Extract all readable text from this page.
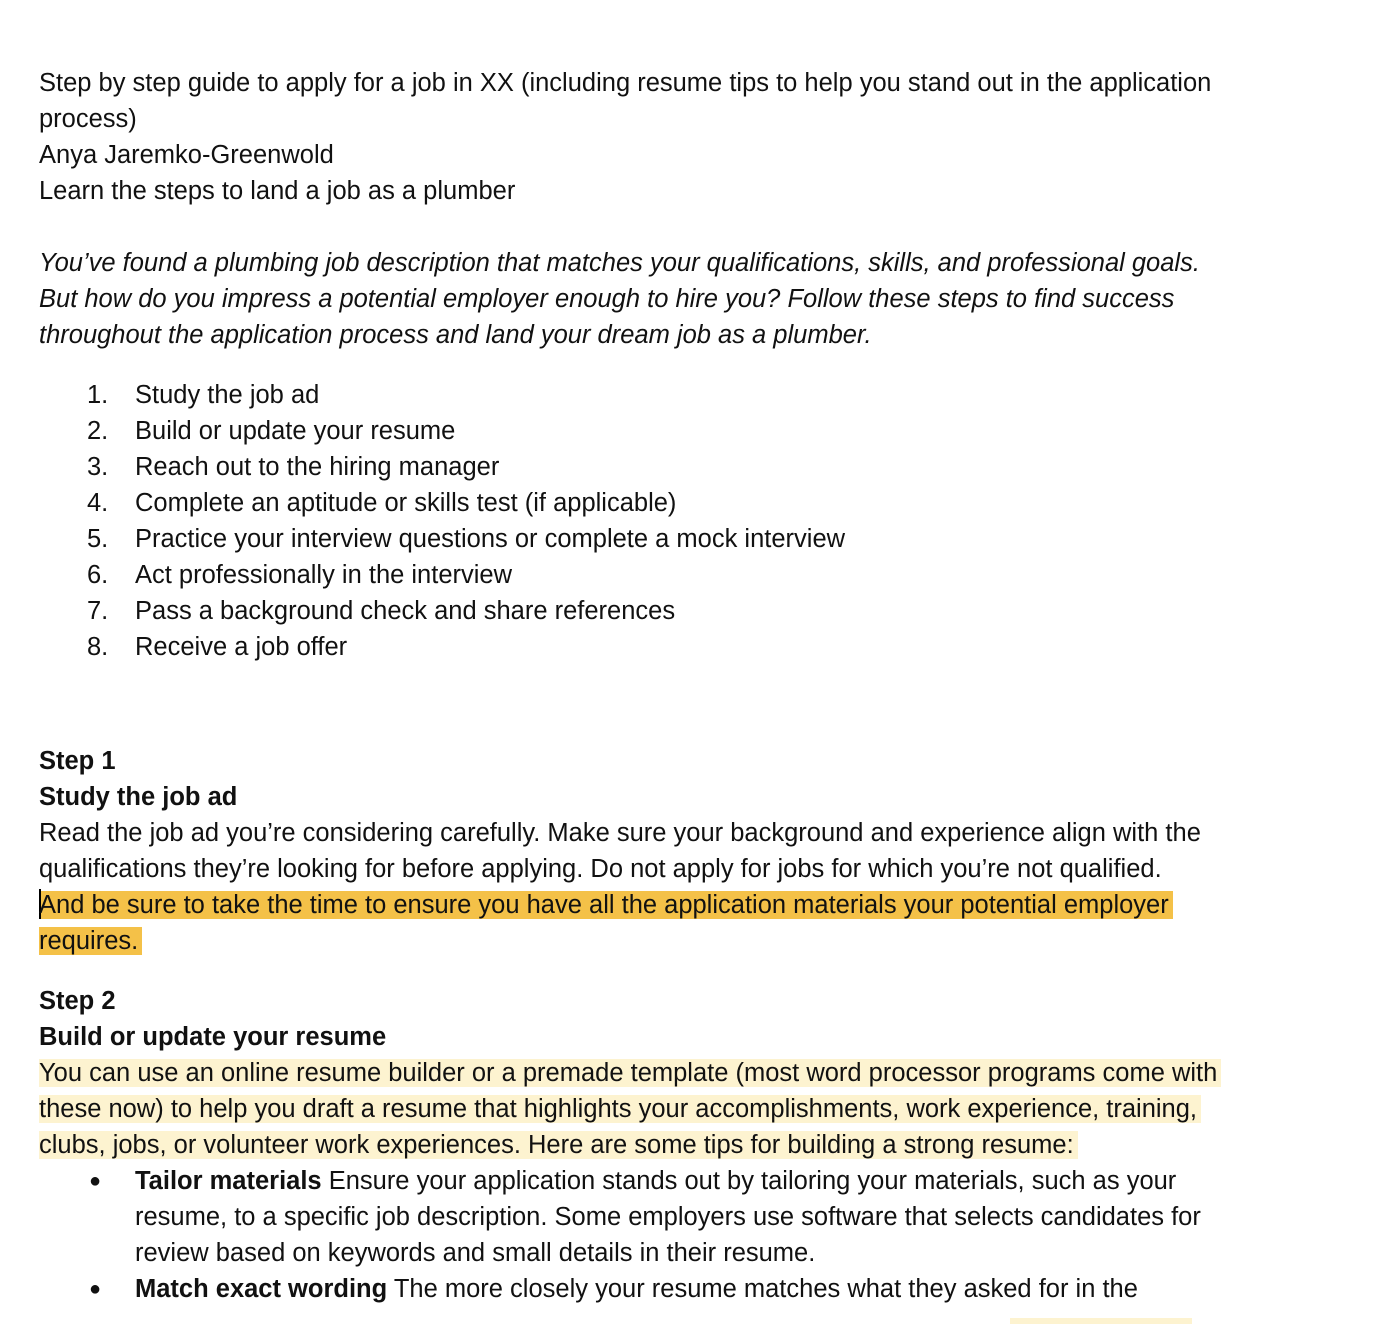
Step by step guide to apply for a job in XX (including resume tips to help you stand out in the application
process)
Anya Jaremko-Greenwold
Learn the steps to land a job as a plumber
You’ve found a plumbing job description that matches your qualifications, skills, and professional goals.
But how do you impress a potential employer enough to hire you? Follow these steps to find success
throughout the application process and land your dream job as a plumber.
1. Study the job ad
2. Build or update your resume
3. Reach out to the hiring manager
4. Complete an aptitude or skills test (if applicable)
5. Practice your interview questions or complete a mock interview
6. Act professionally in the interview
7. Pass a background check and share references
8. Receive a job offer
Step 1
Study the job ad
Read the job ad you’re considering carefully. Make sure your background and experience align with the
qualifications they’re looking for before applying. Do not apply for jobs for which you’re not qualified.
And be sure to take the time to ensure you have all the application materials your potential employer
requires.
Step 2
Build or update your resume
You can use an online resume builder or a premade template (most word processor programs come with
these now) to help you draft a resume that highlights your accomplishments, work experience, training,
clubs, jobs, or volunteer work experiences. Here are some tips for building a strong resume:
● Tailor materials Ensure your application stands out by tailoring your materials, such as your resume, to a specific job description. Some employers use software that selects candidates for review based on keywords and small details in their resume.
● Match exact wording The more closely your resume matches what they asked for in the
